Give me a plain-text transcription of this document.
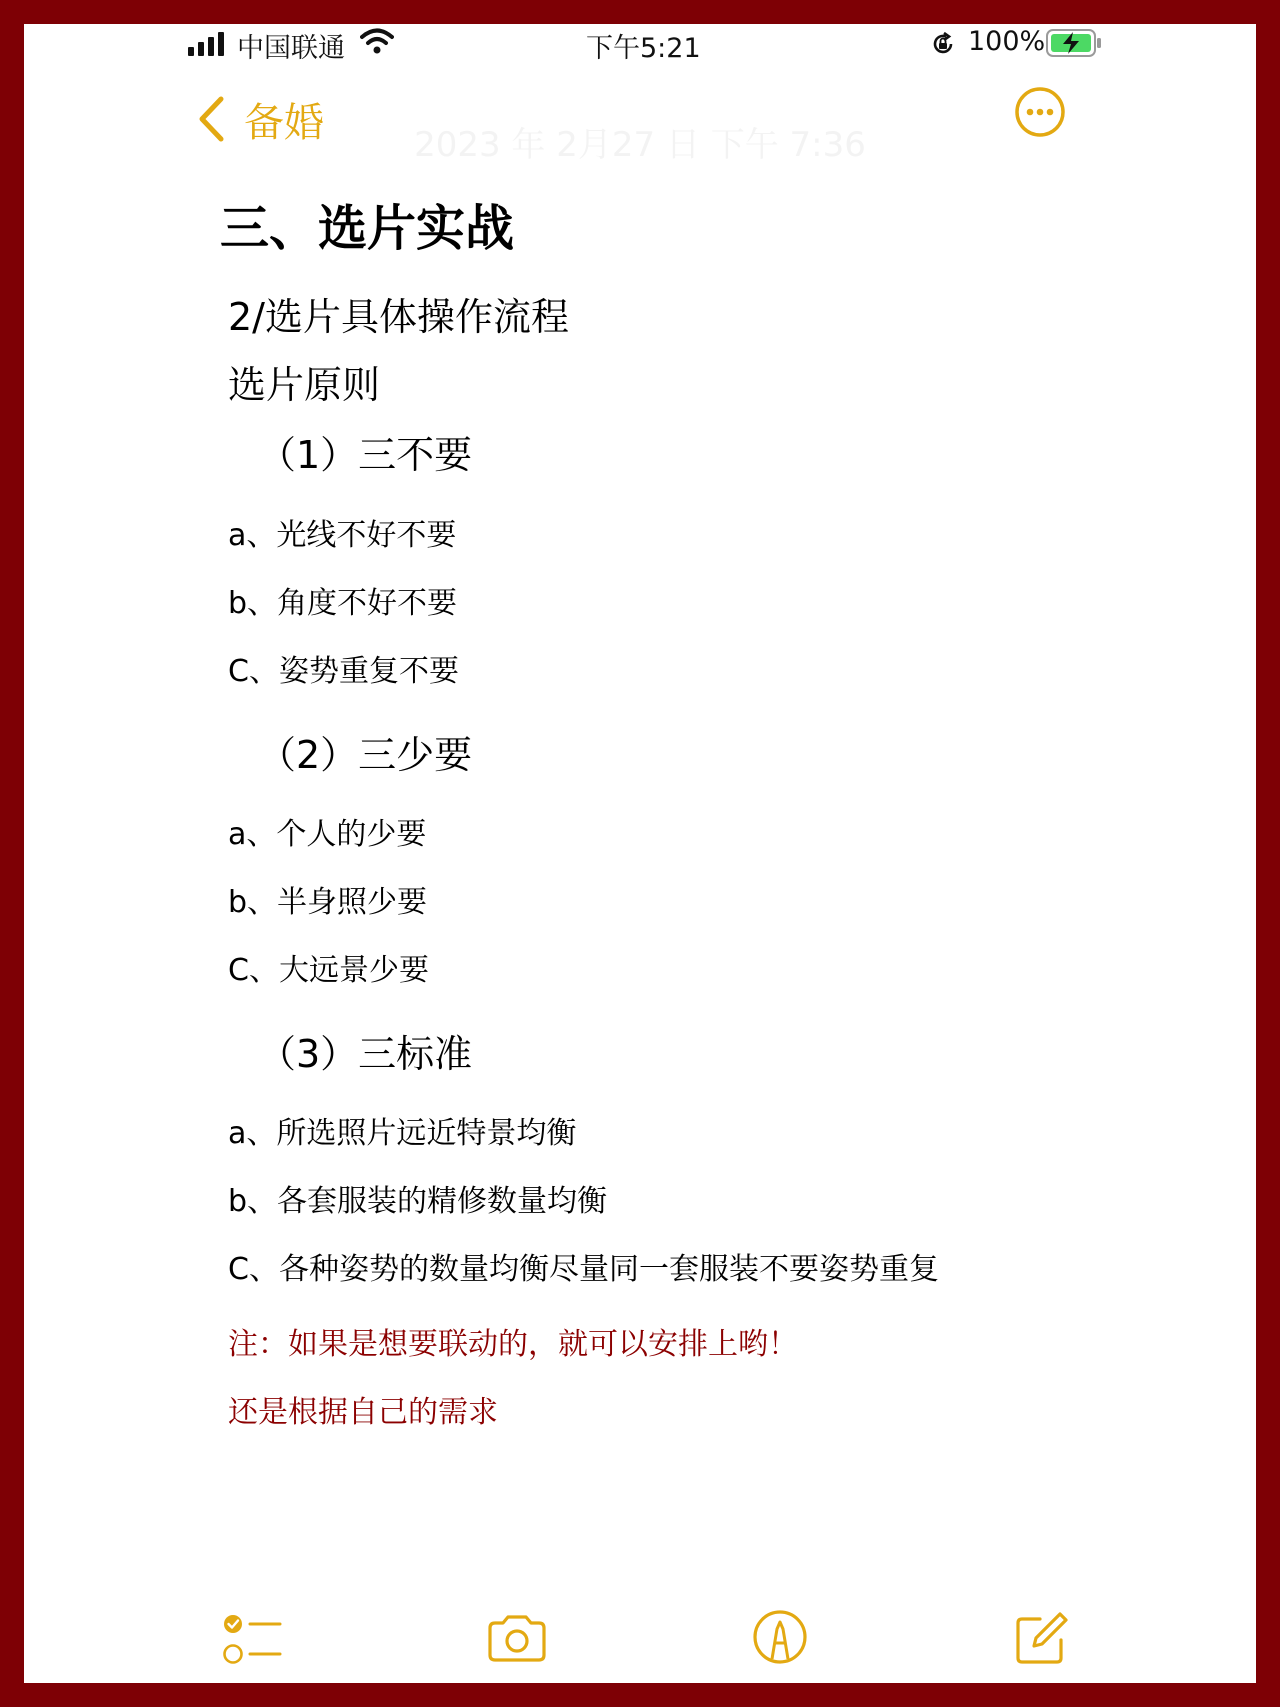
中国联通	下午5:21	100%
备婚	2023 年 2月27 日 下午 7:36
三、选片实战

2/选片具体操作流程

选片原则

（1）三不要

a、光线不好不要

b、角度不好不要

C、姿势重复不要

（2）三少要

a、个人的少要

b、半身照少要

C、大远景少要

（3）三标准

a、所选照片远近特景均衡

b、各套服装的精修数量均衡

C、各种姿势的数量均衡尽量同一套服装不要姿势重复

注：如果是想要联动的，就可以安排上哟！

还是根据自己的需求
